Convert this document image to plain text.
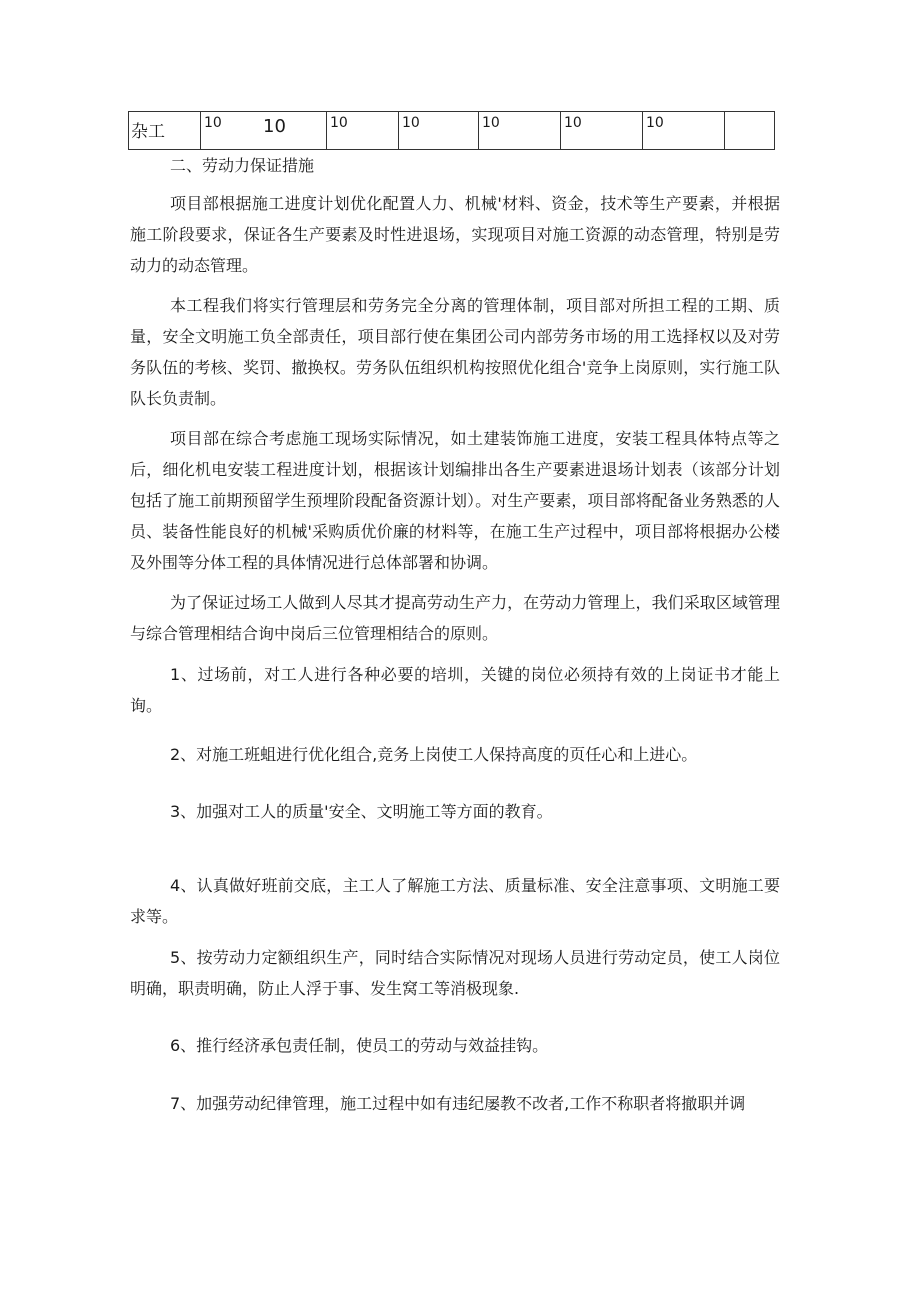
杂工	10 10	10	10	10	10	10

二、劳动力保证措施

项目部根据施工进度计划优化配置人力、机械'材料、资金，技术等生产要素，并根据施工阶段要求，保证各生产要素及时性进退场，实现项目对施工资源的动态管理，特别是劳动力的动态管理。

本工程我们将实行管理层和劳务完全分离的管理体制，项目部对所担工程的工期、质量，安全文明施工负全部责任，项目部行使在集团公司内部劳务市场的用工选择权以及对劳务队伍的考核、奖罚、撤换权。劳务队伍组织机构按照优化组合'竞争上岗原则，实行施工队队长负责制。

项目部在综合考虑施工现场实际情况，如土建装饰施工进度，安装工程具体特点等之后，细化机电安装工程进度计划，根据该计划编排出各生产要素进退场计划表（该部分计划包括了施工前期预留学生预埋阶段配备资源计划）。对生产要素，项目部将配备业务熟悉的人员、装备性能良好的机械'采购质优价廉的材料等，在施工生产过程中，项目部将根据办公楼及外围等分体工程的具体情况进行总体部署和协调。

为了保证过场工人做到人尽其才提高劳动生产力，在劳动力管理上，我们采取区域管理与综合管理相结合询中岗后三位管理相结合的原则。

1、过场前，对工人进行各种必要的培圳，关键的岗位必须持有效的上岗证书才能上询。

2、对施工班蛆进行优化组合,竞务上岗使工人保持高度的页任心和上进心。

3、加强对工人的质量'安全、文明施工等方面的教育。

4、认真做好班前交底，主工人了解施工方法、质量标准、安全注意事项、文明施工要求等。

5、按劳动力定额组织生产，同时结合实际情况对现场人员进行劳动定员，使工人岗位明确，职责明确，防止人浮于事、发生窝工等消极现象.

6、推行经济承包责任制，使员工的劳动与效益挂钩。

7、加强劳动纪律管理，施工过程中如有违纪屡教不改者,工作不称职者将撤职并调
